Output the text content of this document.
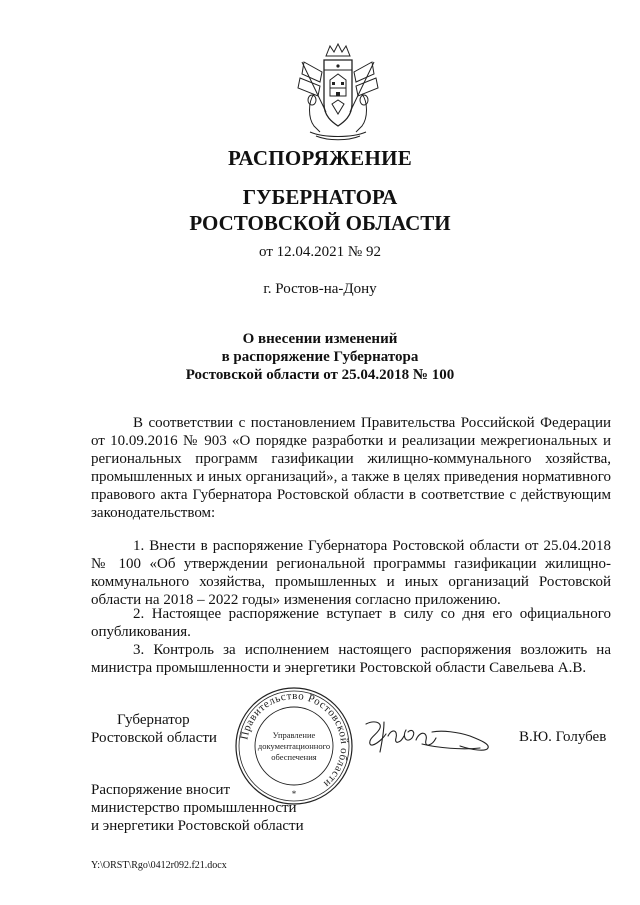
РАСПОРЯЖЕНИЕ
ГУБЕРНАТОРА
РОСТОВСКОЙ ОБЛАСТИ
от 12.04.2021 № 92
г. Ростов-на-Дону
О внесении изменений
в распоряжение Губернатора
Ростовской области от 25.04.2018 № 100

В соответствии с постановлением Правительства Российской Федерации от 10.09.2016 № 903 «О порядке разработки и реализации межрегиональных и региональных программ газификации жилищно-коммунального хозяйства, промышленных и иных организаций», а также в целях приведения нормативного правового акта Губернатора Ростовской области в соответствие с действующим законодательством:

1. Внести в распоряжение Губернатора Ростовской области от 25.04.2018 № 100 «Об утверждении региональной программы газификации жилищно-коммунального хозяйства, промышленных и иных организаций Ростовской области на 2018 – 2022 годы» изменения согласно приложению.

2. Настоящее распоряжение вступает в силу со дня его официального опубликования.

3. Контроль за исполнением настоящего распоряжения возложить на министра промышленности и энергетики Ростовской области Савельева А.В.

Губернатор
Ростовской области	Правительство Ростовской области
Управление
документационного
обеспечения
*
В.Ю. Голубев
Распоряжение вносит
министерство промышленности
и энергетики Ростовской области
Y:\ORST\Rgo\0412r092.f21.docx
